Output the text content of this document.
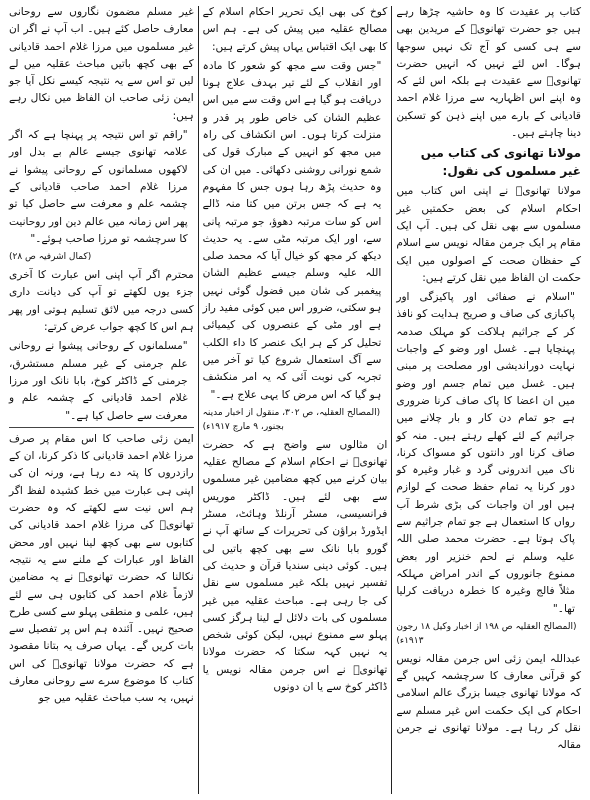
کتاب پر عقیدت کا وہ حاشیہ چڑھا رہے ہیں جو حضرت تھانویؒ کے مریدین بھی سے ہی کسی کو آج تک نہیں سوجھا ہوگا۔ اس لئے نہیں کہ انہیں حضرت تھانویؒ سے عقیدت ہے بلکہ اس لئے کہ وہ اپنے اس اظہاریہ سے مرزا غلام احمد قادیانی کے بارے میں اپنے ذہن کو تسکین دینا چاہتے ہیں۔

مولانا تھانوی کی کتاب میں غیر مسلموں کی نقول:

مولانا تھانویؒ نے اپنی اس کتاب میں احکام اسلام کی بعض حکمتیں غیر مسلموں سے بھی نقل کی ہیں۔ آپ ایک مقام پر ایک جرمن مقالہ نویس سے اسلام کے حفظان صحت کے اصولوں میں ایک حکمت ان الفاظ میں نقل کرتے ہیں:

"اسلام نے صفائی اور پاکیزگی اور پاکبازی کی صاف و صریح ہدایت کو نافذ کر کے جراثیم ہلاکت کو مہلک صدمہ پہنچایا ہے۔ غسل اور وضو کے واجبات نہایت دوراندیشی اور مصلحت پر مبنی ہیں۔ غسل میں تمام جسم اور وضو میں ان اعضا کا پاک صاف کرنا ضروری ہے جو تمام دن کار و بار چلانے میں جراثیم کے لئے کھلے رہتے ہیں۔ منہ کو صاف کرنا اور دانتوں کو مسواک کرنا، ناک میں اندرونی گرد و غبار وغیرہ کو دور کرنا یہ تمام حفظ صحت کے لوازم ہیں اور ان واجبات کی بڑی شرط آب رواں کا استعمال ہے جو تمام جراثیم سے پاک ہوتا ہے۔ حضرت محمد صلی اللہ علیہ وسلم نے لحم خنزیر اور بعض ممنوع جانوروں کے اندر امراض مہلکہ مثلاً فالج وغیرہ کا خطرہ دریافت کرلیا تھا۔"

(المصالح العقلیہ ص ۱۹۸ از اخبار وکیل ۱۸ رجون ۱۹۱۳ء)

عبداللہ ایمن زئی اس جرمن مقالہ نویس کو قرآنی معارف کا سرچشمہ کہیں گے کہ مولانا تھانوی جیسا بزرگ عالم اسلامی احکام کی ایک حکمت اس غیر مسلم سے نقل کر رہا ہے۔ مولانا تھانوی نے جرمن مقالہ

کوخ کی بھی ایک تحریر احکام اسلام کے مصالح عقلیہ میں پیش کی ہے۔ ہم اس کا بھی ایک اقتباس یہاں پیش کرتے ہیں:

"جس وقت سے مجھ کو شعور کا مادہ اور انقلاب کے لئے تیر بہدف علاج ہونا دریافت ہو گیا ہے اس وقت سے میں اس عظیم الشان کی خاص طور پر قدر و منزلت کرتا ہوں۔ اس انکشاف کی راہ میں مجھ کو انہیں کے مبارک قول کی شمع نورانی روشنی دکھائی۔ میں ان کی وہ حدیث پڑھ رہا ہوں جس کا مفہوم یہ ہے کہ جس برتن میں کتا منہ ڈالے اس کو سات مرتبہ دھوؤ، جو مرتبہ پانی سے، اور ایک مرتبہ مٹی سے۔ یہ حدیث دیکھ کر مجھ کو خیال آیا کہ محمد صلی اللہ علیہ وسلم جیسے عظیم الشان پیغمبر کی شان میں فضول گوئی نہیں ہو سکتی، ضرور اس میں کوئی مفید راز ہے اور مٹی کے عنصروں کی کیمیائی تحلیل کر کے ہر ایک عنصر کا داء الکلب سے آگ استعمال شروع کیا تو آخر میں تجربہ کی نوبت آئی کہ یہ امر منکشف ہو گیا کہ اس مرض کا یہی علاج ہے۔"

(المصالح العقلیہ، ص ۳۰۲، منقول از اخبار مدینہ بجنور، ۹ مارچ ۱۹۱۷ء)

ان مثالوں سے واضح ہے کہ حضرت تھانویؒ نے احکام اسلام کے مصالح عقلیہ بیان کرنے میں کچھ مضامین غیر مسلموں سے بھی لئے ہیں۔ ڈاکٹر موریس فرانسیسی، مسٹر آرنلڈ وہائٹ، مسٹر ایڈورڈ براؤن کی تحریرات کے ساتھ آپ نے گورو بابا نانک سے بھی کچھ باتیں لی ہیں۔ کوئی دینی سندیا قرآن و حدیث کی تفسیر نہیں بلکہ غیر مسلموں سے نقل کی جا رہی ہے۔ مباحث عقلیہ میں غیر مسلموں کی بات دلائل لے لینا ہرگز کسی پہلو سے ممنوع نہیں، لیکن کوئی شخص یہ نہیں کہہ سکتا کہ حضرت مولانا تھانویؒ نے اس جرمن مقالہ نویس یا ڈاکٹر کوخ سے یا ان دونوں

غیر مسلم مضمون نگاروں سے روحانی معارف حاصل کئے ہیں۔ اب آپ نے اگر ان غیر مسلموں میں مرزا غلام احمد قادیانی کے بھی کچھ باتیں مباحث عقلیہ میں لے لیں تو اس سے یہ نتیجہ کیسے نکل آیا جو ایمن زئی صاحب ان الفاظ میں نکال رہے ہیں:

"راقم تو اس نتیجہ پر پہنچا ہے کہ اگر علامہ تھانوی جیسے عالم بے بدل اور لاکھوں مسلمانوں کے روحانی پیشوا نے مرزا غلام احمد صاحب قادیانی کے چشمہ علم و معرفت سے حاصل کیا تو پھر اس زمانہ میں عالم دین اور روحانیت کا سرچشمہ تو مرزا صاحب ہوئے۔"

(کمال اشرفیہ ص ۲۸)

محترم اگر آپ اپنی اس عبارت کا آخری جزء یوں لکھتے تو آپ کی دیانت داری کسی درجہ میں لائق تسلیم ہوتی اور پھر ہم اس کا کچھ جواب عرض کرتے:

"مسلمانوں کے روحانی پیشوا نے روحانی علم جرمنی کے غیر مسلم مستشرق، جرمنی کے ڈاکٹر کوخ، بابا نانک اور مرزا غلام احمد قادیانی کے چشمہ علم و معرفت سے حاصل کیا ہے۔"

ایمن زئی صاحب کا اس مقام پر صرف مرزا غلام احمد قادیانی کا ذکر کرنا، ان کے رازدروں کا پتہ دے رہا ہے، ورنہ ان کی اپنی ہی عبارت میں خط کشیدہ لفظ اگر ہم اس نیت سے لکھتے کہ وہ حضرت تھانویؒ کی مرزا غلام احمد قادیانی کی کتابوں سے بھی کچھ لینا نہیں اور محض الفاظ اور عبارات کے ملنے سے یہ نتیجہ نکالنا کہ حضرت تھانویؒ نے یہ مضامین لازماً غلام احمد کی کتابوں ہی سے لئے ہیں، علمی و منطقی پہلو سے کسی طرح صحیح نہیں۔ آئندہ ہم اس پر تفصیل سے بات کریں گے۔ یہاں صرف یہ بتانا مقصود ہے کہ حضرت مولانا تھانویؒ کی اس کتاب کا موضوع سرے سے روحانی معارف نہیں، یہ سب مباحث عقلیہ میں جو
